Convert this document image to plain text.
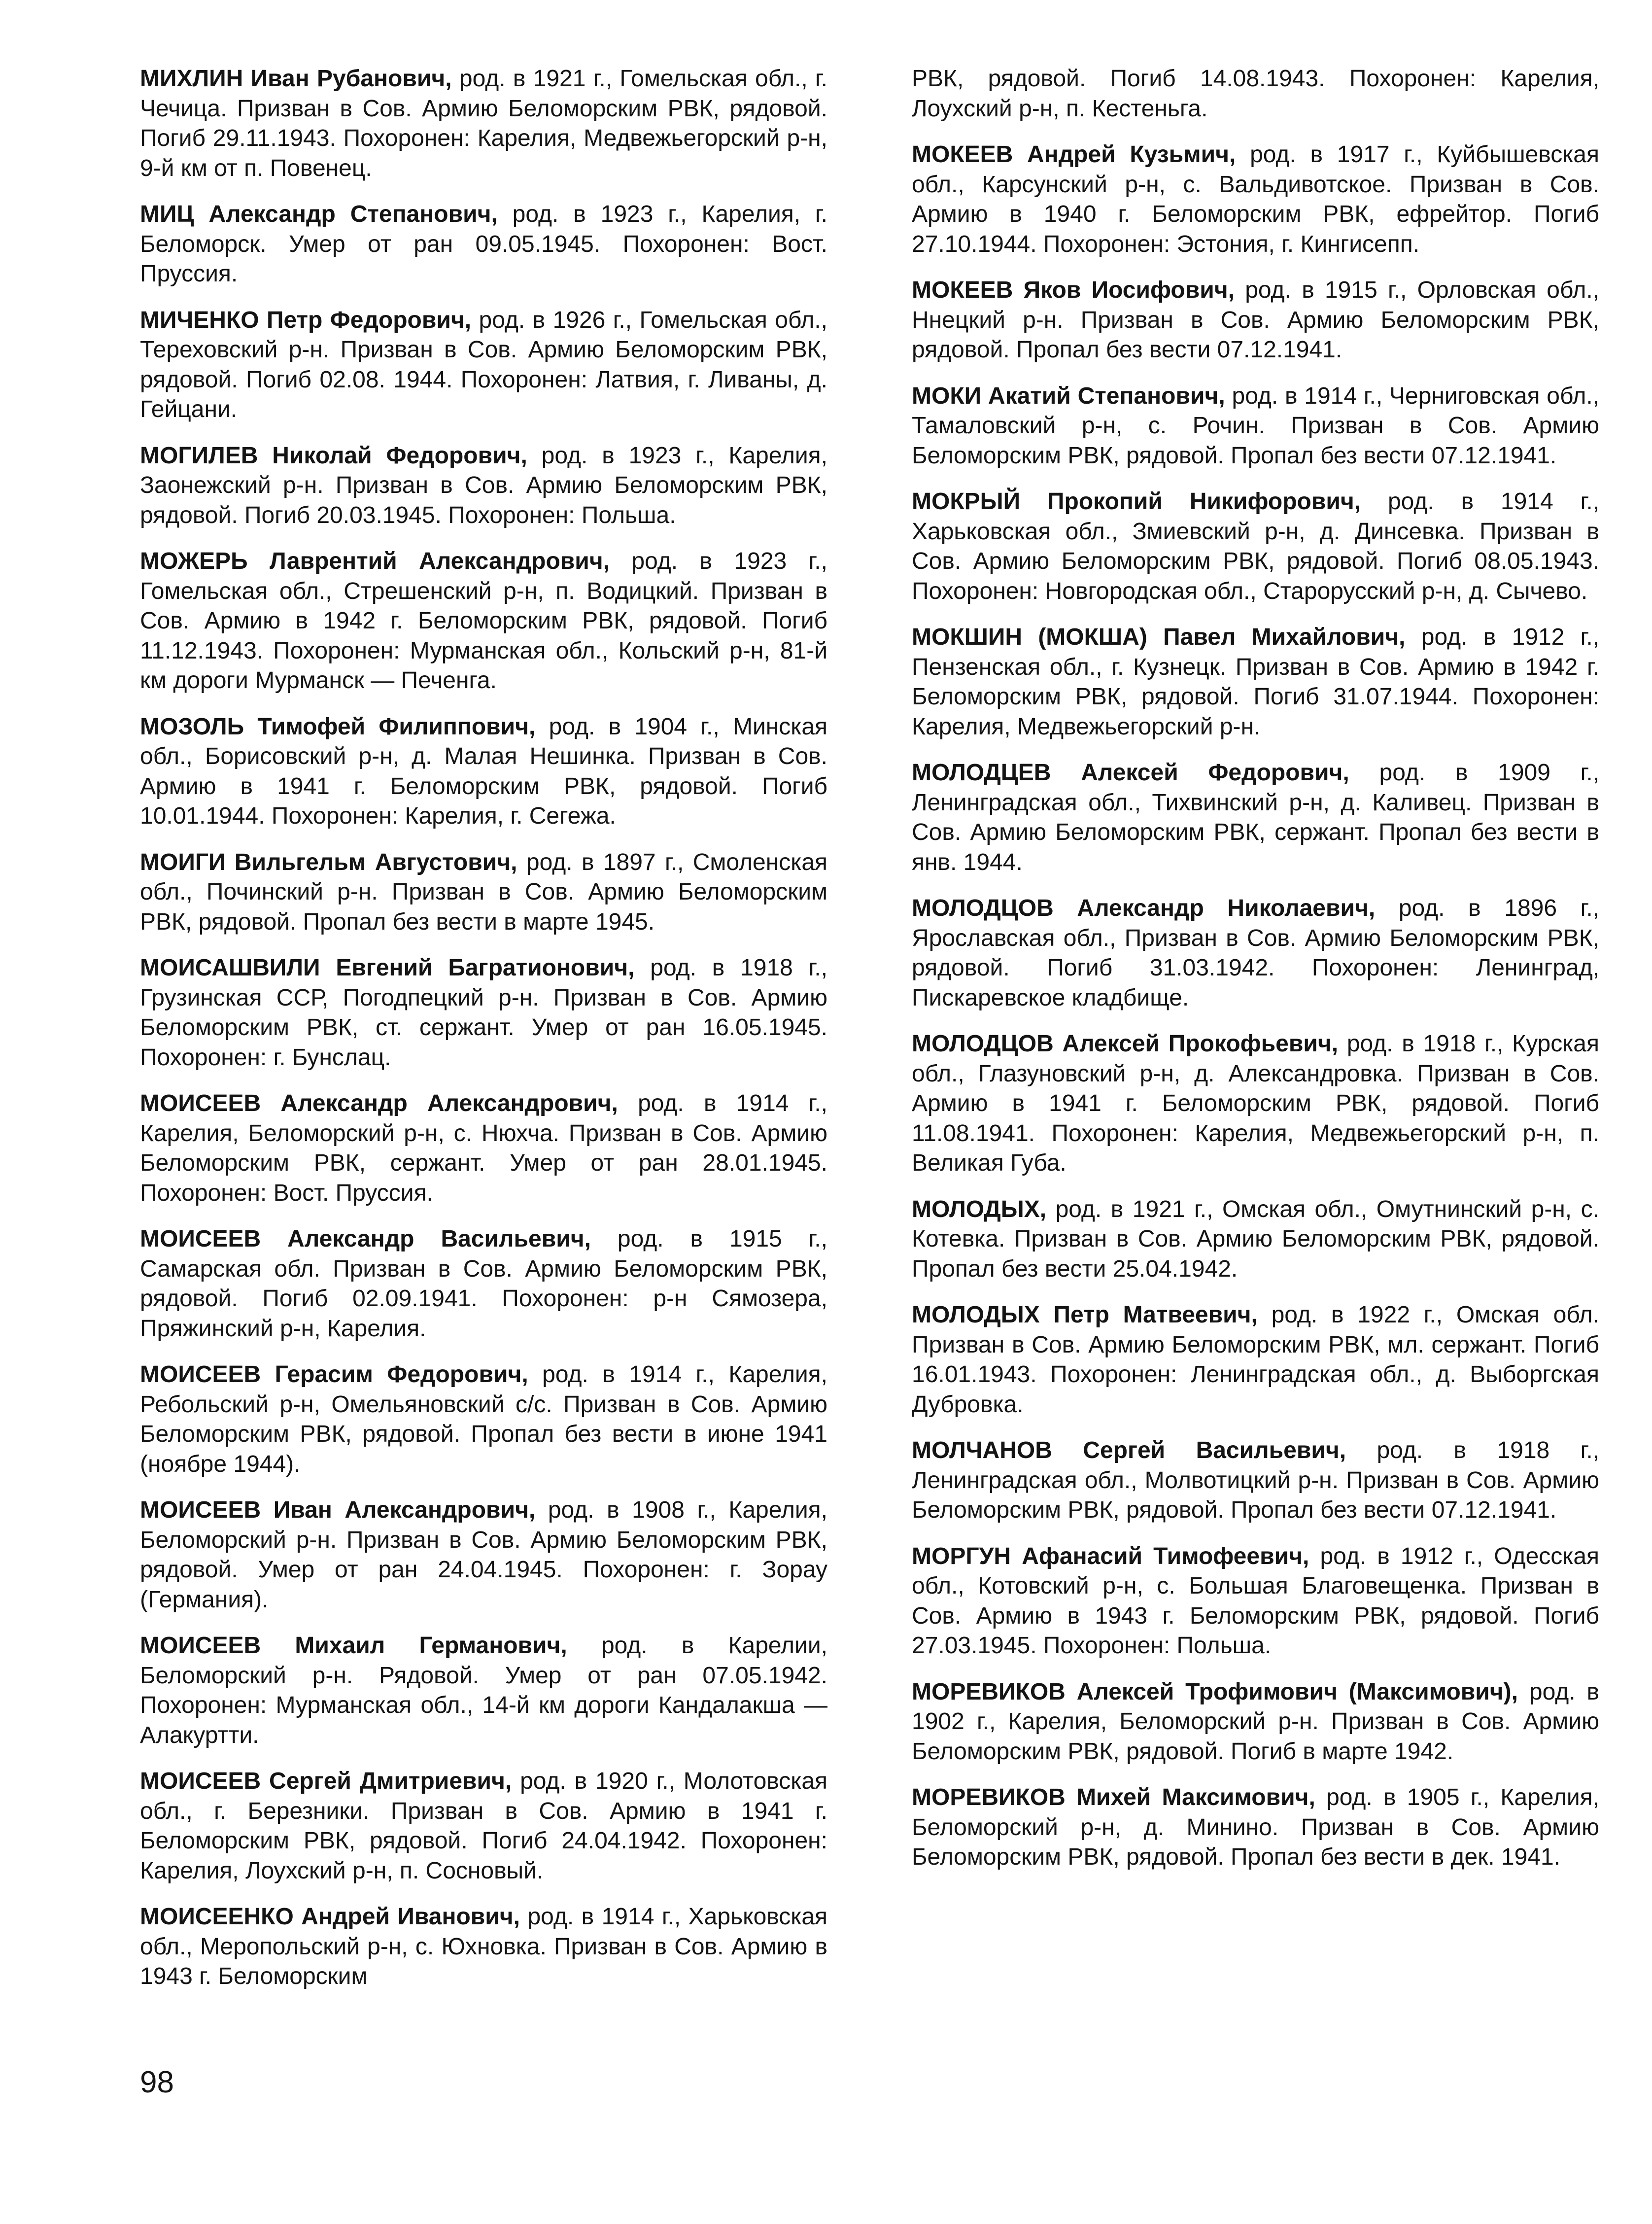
МИХЛИН Иван Рубанович, род. в 1921 г., Гомельская обл., г. Чечица. Призван в Сов. Армию Беломорским РВК, рядовой. Погиб 29.11.1943. Похоронен: Карелия, Медвежьегорский р-н, 9-й км от п. Повенец.

МИЦ Александр Степанович, род. в 1923 г., Карелия, г. Беломорск. Умер от ран 09.05.1945. Похоронен: Вост. Пруссия.

МИЧЕНКО Петр Федорович, род. в 1926 г., Гомельская обл., Тереховский р-н. Призван в Сов. Армию Беломорским РВК, рядовой. Погиб 02.08. 1944. Похоронен: Латвия, г. Ливаны, д. Гейцани.

МОГИЛЕВ Николай Федорович, род. в 1923 г., Карелия, Заонежский р-н. Призван в Сов. Армию Беломорским РВК, рядовой. Погиб 20.03.1945. Похоронен: Польша.

МОЖЕРЬ Лаврентий Александрович, род. в 1923 г., Гомельская обл., Стрешенский р-н, п. Водицкий. Призван в Сов. Армию в 1942 г. Беломорским РВК, рядовой. Погиб 11.12.1943. Похоронен: Мурманская обл., Кольский р-н, 81-й км дороги Мурманск — Печенга.

МОЗОЛЬ Тимофей Филиппович, род. в 1904 г., Минская обл., Борисовский р-н, д. Малая Нешинка. Призван в Сов. Армию в 1941 г. Беломорским РВК, рядовой. Погиб 10.01.1944. Похоронен: Карелия, г. Сегежа.

МОИГИ Вильгельм Августович, род. в 1897 г., Смоленская обл., Починский р-н. Призван в Сов. Армию Беломорским РВК, рядовой. Пропал без вести в марте 1945.

МОИСАШВИЛИ Евгений Багратионович, род. в 1918 г., Грузинская ССР, Погодпецкий р-н. Призван в Сов. Армию Беломорским РВК, ст. сержант. Умер от ран 16.05.1945. Похоронен: г. Бунслац.

МОИСЕЕВ Александр Александрович, род. в 1914 г., Карелия, Беломорский р-н, с. Нюхча. Призван в Сов. Армию Беломорским РВК, сержант. Умер от ран 28.01.1945. Похоронен: Вост. Пруссия.

МОИСЕЕВ Александр Васильевич, род. в 1915 г., Самарская обл. Призван в Сов. Армию Беломорским РВК, рядовой. Погиб 02.09.1941. Похоронен: р-н Сямозера, Пряжинский р-н, Карелия.

МОИСЕЕВ Герасим Федорович, род. в 1914 г., Карелия, Ребольский р-н, Омельяновский с/с. Призван в Сов. Армию Беломорским РВК, рядовой. Пропал без вести в июне 1941 (ноябре 1944).

МОИСЕЕВ Иван Александрович, род. в 1908 г., Карелия, Беломорский р-н. Призван в Сов. Армию Беломорским РВК, рядовой. Умер от ран 24.04.1945. Похоронен: г. Зорау (Германия).

МОИСЕЕВ Михаил Германович, род. в Карелии, Беломорский р-н. Рядовой. Умер от ран 07.05.1942. Похоронен: Мурманская обл., 14-й км дороги Кандалакша — Алакуртти.

МОИСЕЕВ Сергей Дмитриевич, род. в 1920 г., Молотовская обл., г. Березники. Призван в Сов. Армию в 1941 г. Беломорским РВК, рядовой. Погиб 24.04.1942. Похоронен: Карелия, Лоухский р-н, п. Сосновый.

МОИСЕЕНКО Андрей Иванович, род. в 1914 г., Харьковская обл., Меропольский р-н, с. Юхновка. Призван в Сов. Армию в 1943 г. Беломорским

РВК, рядовой. Погиб 14.08.1943. Похоронен: Карелия, Лоухский р-н, п. Кестеньга.

МОКЕЕВ Андрей Кузьмич, род. в 1917 г., Куйбышевская обл., Карсунский р-н, с. Вальдивотское. Призван в Сов. Армию в 1940 г. Беломорским РВК, ефрейтор. Погиб 27.10.1944. Похоронен: Эстония, г. Кингисепп.

МОКЕЕВ Яков Иосифович, род. в 1915 г., Орловская обл., Ннецкий р-н. Призван в Сов. Армию Беломорским РВК, рядовой. Пропал без вести 07.12.1941.

МОКИ Акатий Степанович, род. в 1914 г., Черниговская обл., Тамаловский р-н, с. Рочин. Призван в Сов. Армию Беломорским РВК, рядовой. Пропал без вести 07.12.1941.

МОКРЫЙ Прокопий Никифорович, род. в 1914 г., Харьковская обл., Змиевский р-н, д. Динсевка. Призван в Сов. Армию Беломорским РВК, рядовой. Погиб 08.05.1943. Похоронен: Новгородская обл., Старорусский р-н, д. Сычево.

МОКШИН (МОКША) Павел Михайлович, род. в 1912 г., Пензенская обл., г. Кузнецк. Призван в Сов. Армию в 1942 г. Беломорским РВК, рядовой. Погиб 31.07.1944. Похоронен: Карелия, Медвежьегорский р-н.

МОЛОДЦЕВ Алексей Федорович, род. в 1909 г., Ленинградская обл., Тихвинский р-н, д. Каливец. Призван в Сов. Армию Беломорским РВК, сержант. Пропал без вести в янв. 1944.

МОЛОДЦОВ Александр Николаевич, род. в 1896 г., Ярославская обл., Призван в Сов. Армию Беломорским РВК, рядовой. Погиб 31.03.1942. Похоронен: Ленинград, Пискаревское кладбище.

МОЛОДЦОВ Алексей Прокофьевич, род. в 1918 г., Курская обл., Глазуновский р-н, д. Александровка. Призван в Сов. Армию в 1941 г. Беломорским РВК, рядовой. Погиб 11.08.1941. Похоронен: Карелия, Медвежьегорский р-н, п. Великая Губа.

МОЛОДЫХ, род. в 1921 г., Омская обл., Омутнинский р-н, с. Котевка. Призван в Сов. Армию Беломорским РВК, рядовой. Пропал без вести 25.04.1942.

МОЛОДЫХ Петр Матвеевич, род. в 1922 г., Омская обл. Призван в Сов. Армию Беломорским РВК, мл. сержант. Погиб 16.01.1943. Похоронен: Ленинградская обл., д. Выборгская Дубровка.

МОЛЧАНОВ Сергей Васильевич, род. в 1918 г., Ленинградская обл., Молвотицкий р-н. Призван в Сов. Армию Беломорским РВК, рядовой. Пропал без вести 07.12.1941.

МОРГУН Афанасий Тимофеевич, род. в 1912 г., Одесская обл., Котовский р-н, с. Большая Благовещенка. Призван в Сов. Армию в 1943 г. Беломорским РВК, рядовой. Погиб 27.03.1945. Похоронен: Польша.

МОРЕВИКОВ Алексей Трофимович (Максимович), род. в 1902 г., Карелия, Беломорский р-н. Призван в Сов. Армию Беломорским РВК, рядовой. Погиб в марте 1942.

МОРЕВИКОВ Михей Максимович, род. в 1905 г., Карелия, Беломорский р-н, д. Минино. Призван в Сов. Армию Беломорским РВК, рядовой. Пропал без вести в дек. 1941.

98
